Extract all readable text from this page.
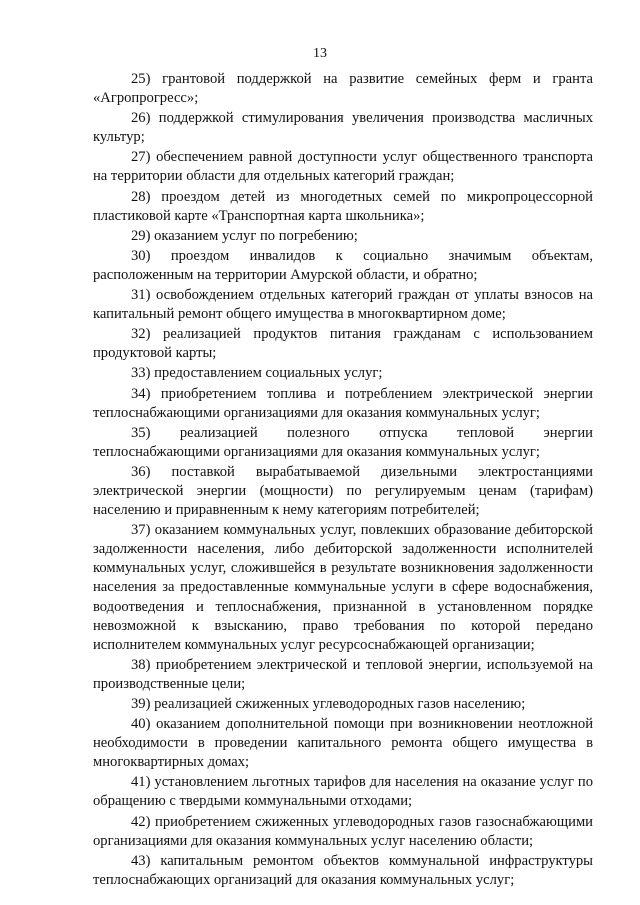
13

25) грантовой поддержкой на развитие семейных ферм и гранта «Агропрогресс»;

26) поддержкой стимулирования увеличения производства масличных культур;

27) обеспечением равной доступности услуг общественного транспорта на территории области для отдельных категорий граждан;

28) проездом детей из многодетных семей по микропроцессорной пластиковой карте «Транспортная карта школьника»;

29) оказанием услуг по погребению;

30) проездом инвалидов к социально значимым объектам, расположенным на территории Амурской области, и обратно;

31) освобождением отдельных категорий граждан от уплаты взносов на капитальный ремонт общего имущества в многоквартирном доме;

32) реализацией продуктов питания гражданам с использованием продуктовой карты;

33) предоставлением социальных услуг;

34) приобретением топлива и потреблением электрической энергии теплоснабжающими организациями для оказания коммунальных услуг;

35) реализацией полезного отпуска тепловой энергии теплоснабжающими организациями для оказания коммунальных услуг;

36) поставкой вырабатываемой дизельными электростанциями электрической энергии (мощности) по регулируемым ценам (тарифам) населению и приравненным к нему категориям потребителей;

37) оказанием коммунальных услуг, повлекших образование дебиторской задолженности населения, либо дебиторской задолженности исполнителей коммунальных услуг, сложившейся в результате возникновения задолженности населения за предоставленные коммунальные услуги в сфере водоснабжения, водоотведения и теплоснабжения, признанной в установленном порядке невозможной к взысканию, право требования по которой передано исполнителем коммунальных услуг ресурсоснабжающей организации;

38) приобретением электрической и тепловой энергии, используемой на производственные цели;

39) реализацией сжиженных углеводородных газов населению;

40) оказанием дополнительной помощи при возникновении неотложной необходимости в проведении капитального ремонта общего имущества в многоквартирных домах;

41) установлением льготных тарифов для населения на оказание услуг по обращению с твердыми коммунальными отходами;

42) приобретением сжиженных углеводородных газов газоснабжающими организациями для оказания коммунальных услуг населению области;

43) капитальным ремонтом объектов коммунальной инфраструктуры теплоснабжающих организаций для оказания коммунальных услуг;
